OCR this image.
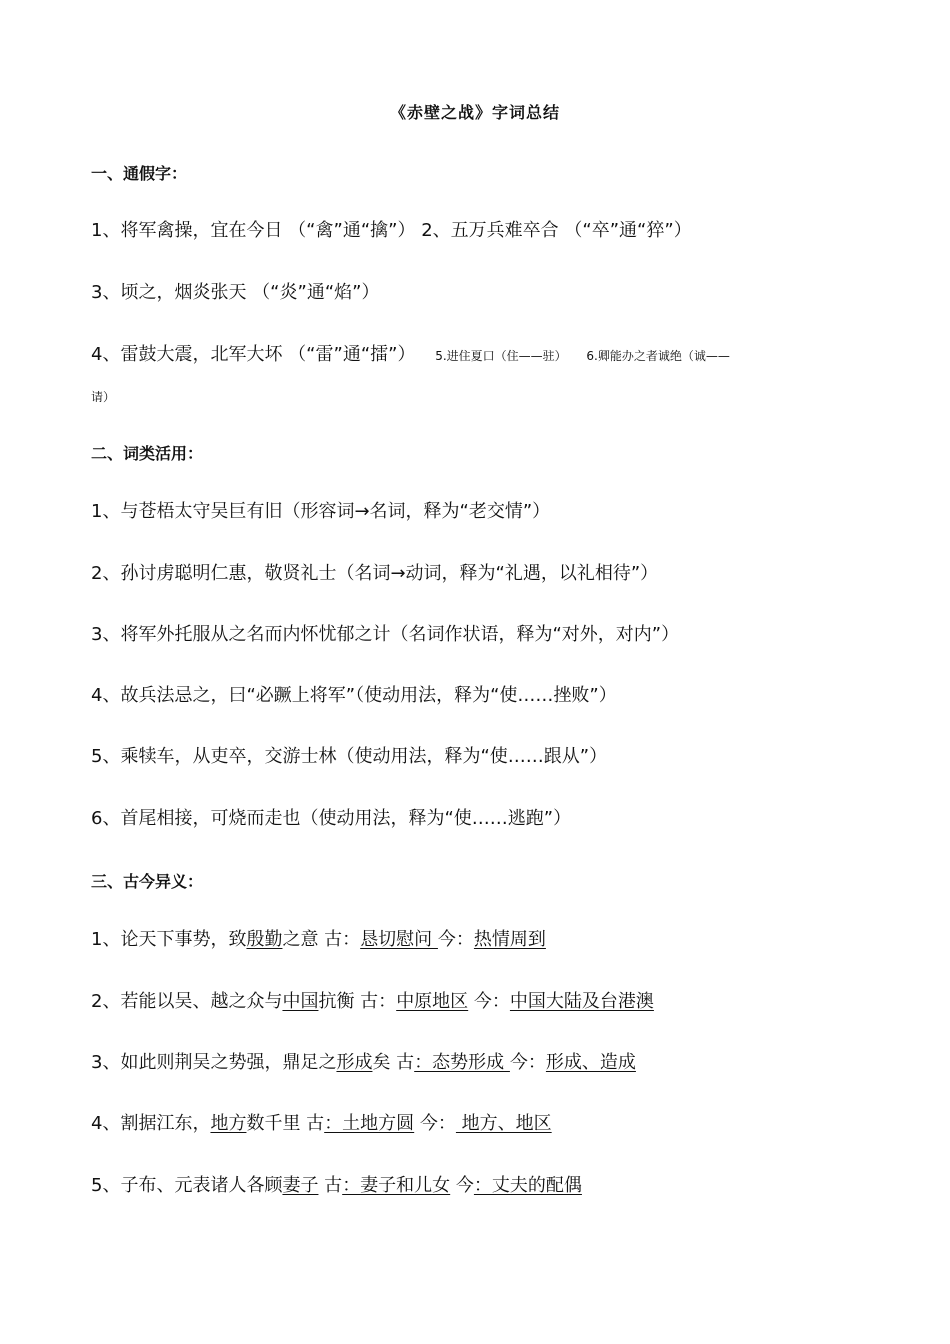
《赤壁之战》字词总结
一、通假字：
1、将军禽操，宜在今日 （“禽”通“擒”） 2、五万兵难卒合 （“卒”通“猝”）
3、顷之，烟炎张天 （“炎”通“焰”）
4、雷鼓大震，北军大坏 （“雷”通“擂”） 5.进住夏口（住——驻） 6.卿能办之者诚绝（诚——
请）
二、词类活用：
1、与苍梧太守吴巨有旧（形容词→名词，释为“老交情”）
2、孙讨虏聪明仁惠，敬贤礼士（名词→动词，释为“礼遇，以礼相待”）
3、将军外托服从之名而内怀忧郁之计（名词作状语，释为“对外，对内”）
4、故兵法忌之，曰“必蹶上将军”（使动用法，释为“使……挫败”）
5、乘犊车，从吏卒，交游士林（使动用法，释为“使……跟从”）
6、首尾相接，可烧而走也（使动用法，释为“使……逃跑”）
三、古今异义：
1、论天下事势，致殷勤之意 古：恳切慰问 今：热情周到
2、若能以吴、越之众与中国抗衡 古：中原地区 今：中国大陆及台港澳
3、如此则荆吴之势强，鼎足之形成矣 古：态势形成 今：形成、造成
4、割据江东，地方数千里 古：土地方圆 今： 地方、地区
5、子布、元表诸人各顾妻子 古：妻子和儿女 今：丈夫的配偶
